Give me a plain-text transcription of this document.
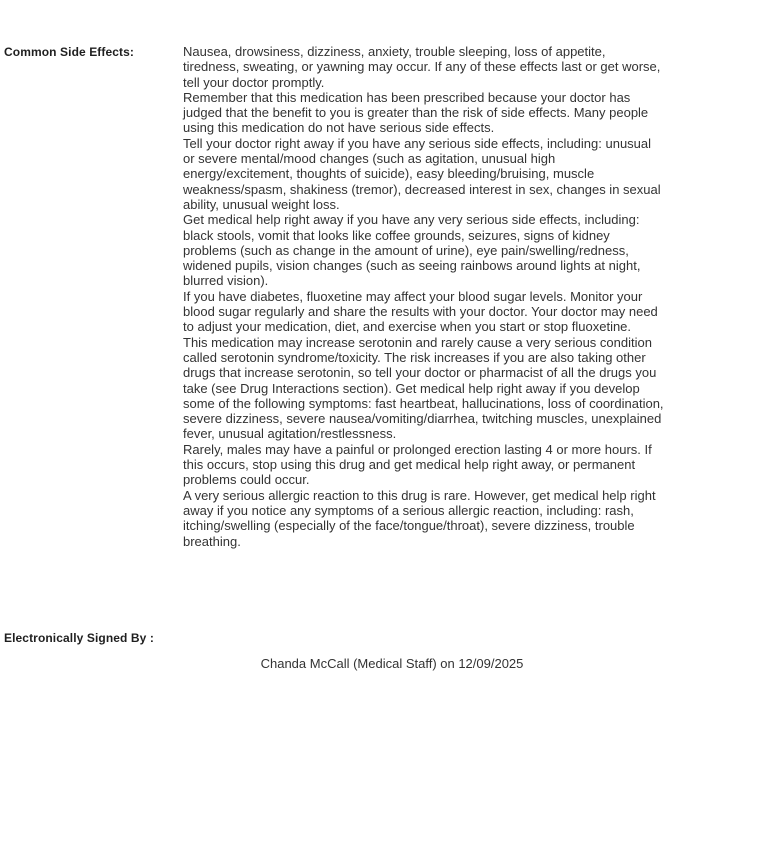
Common Side Effects:	Nausea, drowsiness, dizziness, anxiety, trouble sleeping, loss of appetite, tiredness, sweating, or yawning may occur. If any of these effects last or get worse, tell your doctor promptly.
Remember that this medication has been prescribed because your doctor has judged that the benefit to you is greater than the risk of side effects. Many people using this medication do not have serious side effects.
Tell your doctor right away if you have any serious side effects, including: unusual or severe mental/mood changes (such as agitation, unusual high energy/excitement, thoughts of suicide), easy bleeding/bruising, muscle weakness/spasm, shakiness (tremor), decreased interest in sex, changes in sexual ability, unusual weight loss.
Get medical help right away if you have any very serious side effects, including: black stools, vomit that looks like coffee grounds, seizures, signs of kidney problems (such as change in the amount of urine), eye pain/swelling/redness, widened pupils, vision changes (such as seeing rainbows around lights at night, blurred vision).
If you have diabetes, fluoxetine may affect your blood sugar levels. Monitor your blood sugar regularly and share the results with your doctor. Your doctor may need to adjust your medication, diet, and exercise when you start or stop fluoxetine.
This medication may increase serotonin and rarely cause a very serious condition called serotonin syndrome/toxicity. The risk increases if you are also taking other drugs that increase serotonin, so tell your doctor or pharmacist of all the drugs you take (see Drug Interactions section). Get medical help right away if you develop some of the following symptoms: fast heartbeat, hallucinations, loss of coordination, severe dizziness, severe nausea/vomiting/diarrhea, twitching muscles, unexplained fever, unusual agitation/restlessness.
Rarely, males may have a painful or prolonged erection lasting 4 or more hours. If this occurs, stop using this drug and get medical help right away, or permanent problems could occur.
A very serious allergic reaction to this drug is rare. However, get medical help right away if you notice any symptoms of a serious allergic reaction, including: rash, itching/swelling (especially of the face/tongue/throat), severe dizziness, trouble breathing.
Electronically Signed By :
Chanda McCall (Medical Staff) on 12/09/2025
